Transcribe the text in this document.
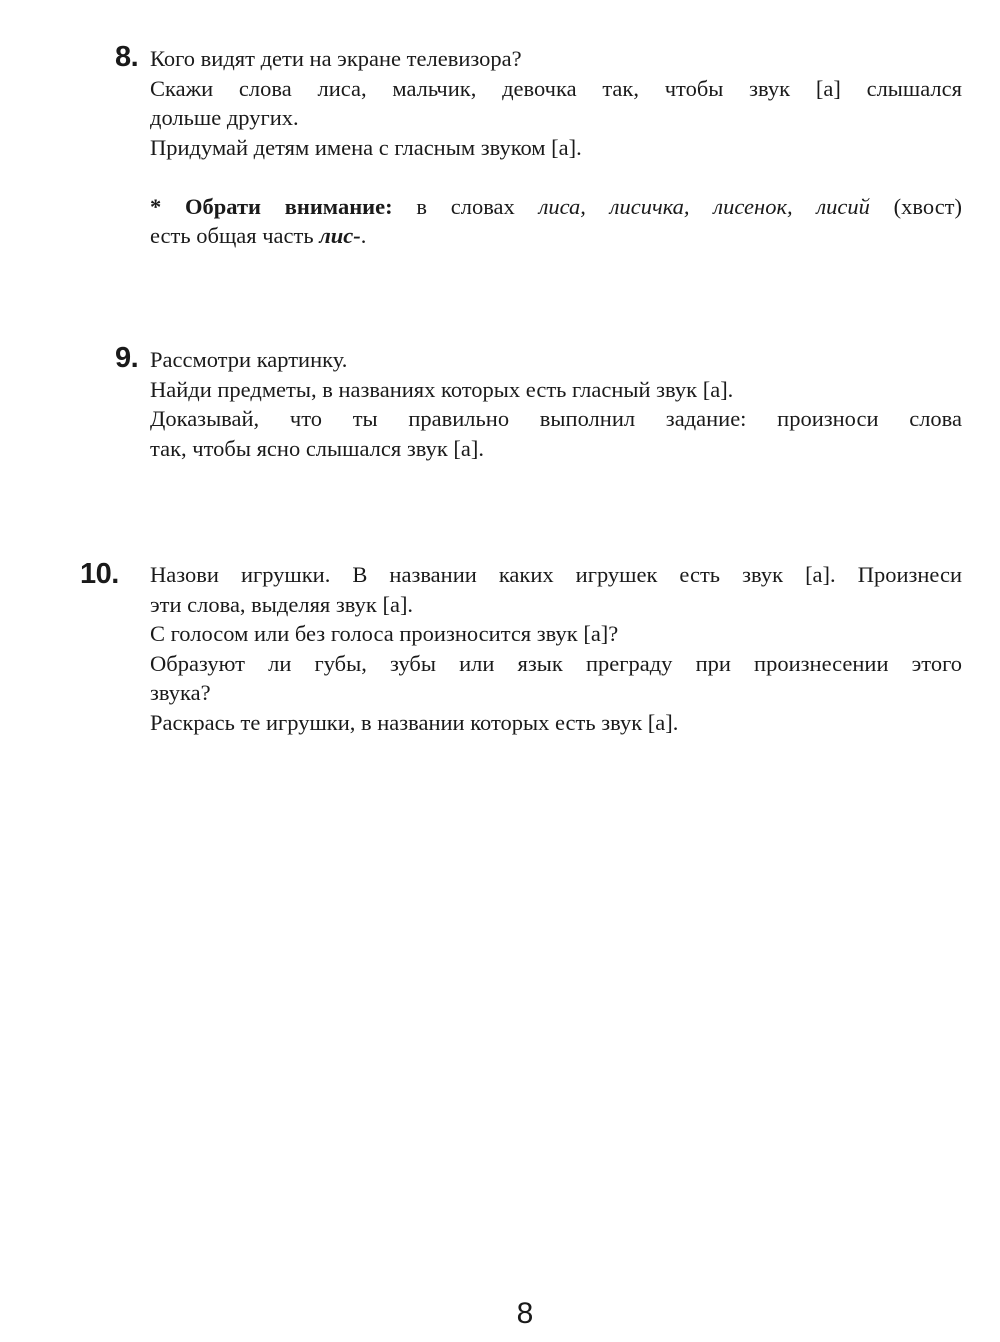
8. Кого видят дети на экране телевизора?
Скажи слова лиса, мальчик, девочка так, чтобы звук [а] слышался
дольше других.
Придумай детям имена с гласным звуком [а].
* Обрати внимание: в словах лиса, лисичка, лисенок, лисий (хвост)
есть общая часть лис-.
9. Рассмотри картинку.
Найди предметы, в названиях которых есть гласный звук [а].
Доказывай, что ты правильно выполнил задание: произноси слова
так, чтобы ясно слышался звук [а].
10. Назови игрушки. В названии каких игрушек есть звук [а]. Произнеси
эти слова, выделяя звук [а].
С голосом или без голоса произносится звук [а]?
Образуют ли губы, зубы или язык преграду при произнесении этого
звука?
Раскрась те игрушки, в названии которых есть звук [а].
8
